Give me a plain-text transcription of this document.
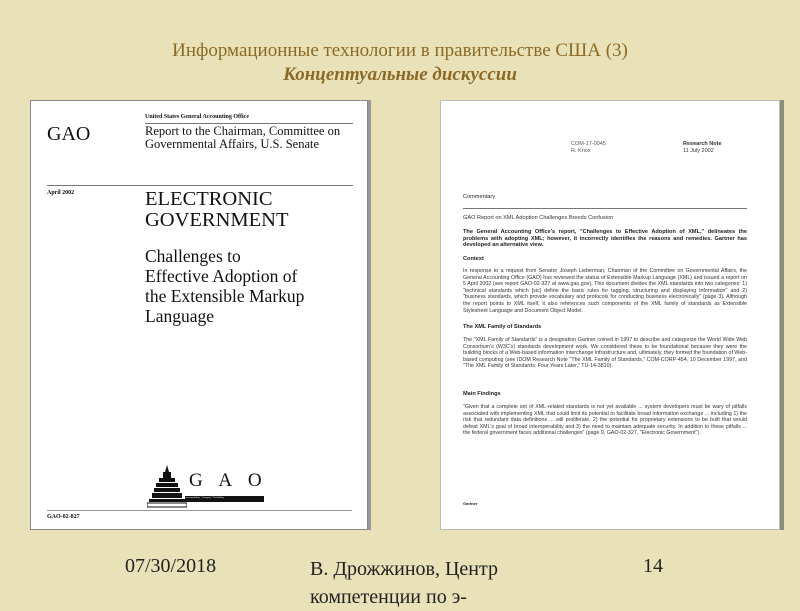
Информационные технологии в правительстве США (3)
Концептуальные дискуссии
United States General Accounting Office
GAO	Report to the Chairman, Committee on
Governmental Affairs, U.S. Senate
April 2002	ELECTRONIC
GOVERNMENT
Challenges to
Effective Adoption of
the Extensible Markup
Language
G A O
Accountability * Integrity * Reliability
GAO-02-827
COM-17-0045
R. Knox
Research Note
11 July 2002
Commentary
GAO Report on XML Adoption Challenges Breeds Confusion
The General Accounting Office's report, "Challenges to Effective Adoption of XML," delineates the problems with adopting XML; however, it incorrectly identifies the reasons and remedies. Gartner has developed an alternative view.
Context
In response to a request from Senator Joseph Lieberman, Chairman of the Committee on Governmental Affairs, the General Accounting Office (GAO) has reviewed the status of Extensible Markup Language (XML) and issued a report on 5 April 2002 (see report GAO-02-327 at www.gao.gov). This document divides the XML standards into two categories: 1) "technical standards which [sic] define the basic rules for tagging, structuring and displaying information" and 2) "business standards, which provide vocabulary and protocols for conducting business electronically" (page 3). Although the report points to XML itself, it also references such components of the XML family of standards as Extensible Stylesheet Language and Document Object Model.
The XML Family of Standards
The "XML Family of Standards" is a designation Gartner coined in 1997 to describe and categorize the World Wide Web Consortium's (W3C's) standards development work. We considered these to be foundational because they were the building blocks of a Web-based information interchange infrastructure and, ultimately, they formed the foundation of Web-based computing (see IDOM Research Note "The XML Family of Standards," COM-CORP-454, 10 December 1997, and "The XML Family of Standards: Four Years Later," TU-14-3810).
Main Findings
"Given that a complete set of XML-related standards is not yet available ... system developers must be wary of pitfalls associated with implementing XML that could limit its potential to facilitate broad information exchange ... including 1) the risk that redundant data definitions ... will proliferate, 2) the potential for proprietary extensions to be built that would defeat XML's goal of broad interoperability and 3) the need to maintain adequate security. In addition to these pitfalls ... the federal government faces additional challenges" (page 9, GAO-02-327, "Electronic Government").
Gartner
07/30/2018	В. Дрожжинов, Центр
компетенции по э-
14
